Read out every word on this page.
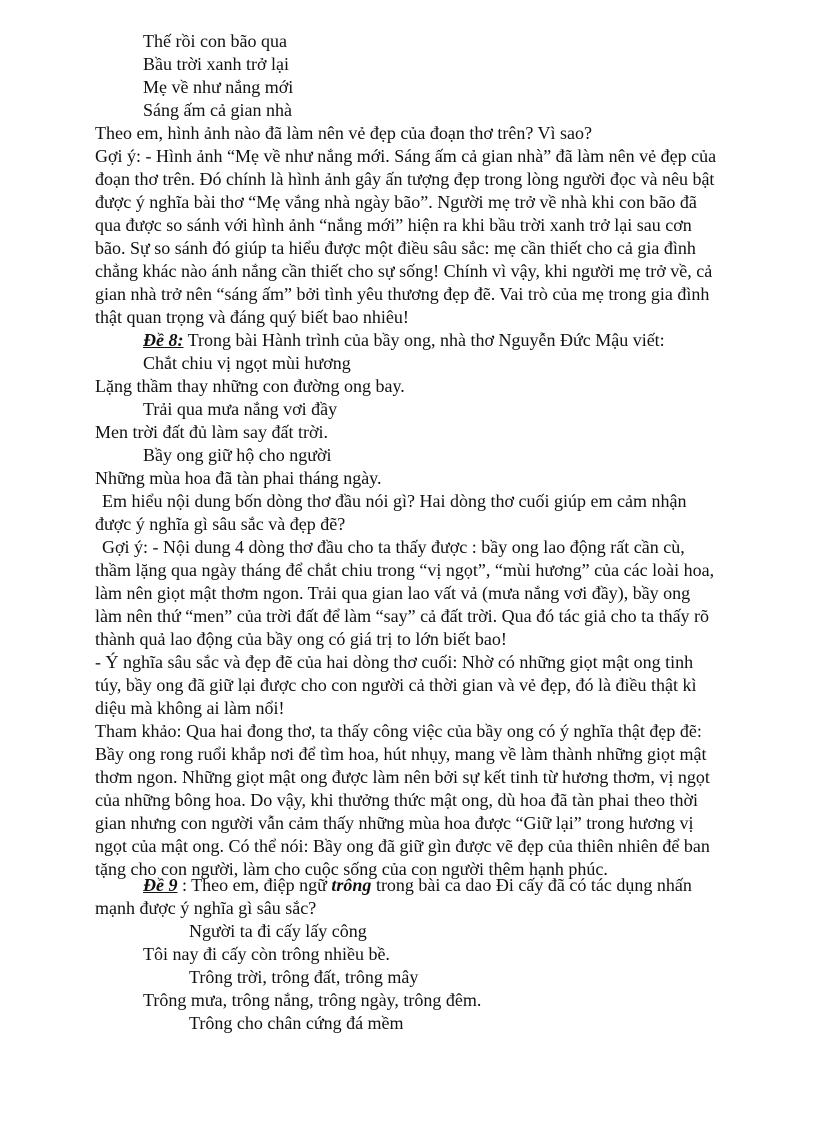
Thế rồi con bão qua
Bầu trời xanh trở lại
Mẹ về như nắng mới
Sáng ấm cả gian nhà
Theo em, hình ảnh nào đã làm nên vẻ đẹp của đoạn thơ trên? Vì sao?
Gợi ý: - Hình ảnh “Mẹ về như nắng mới. Sáng ấm cả gian nhà” đã làm nên vẻ đẹp của
đoạn thơ trên. Đó chính là hình ảnh gây ấn tượng đẹp trong lòng người đọc và nêu bật
được ý nghĩa bài thơ “Mẹ vắng nhà ngày bão”. Người mẹ trở về nhà khi con bão đã
qua được so sánh với hình ảnh “nắng mới” hiện ra khi bầu trời xanh trở lại sau cơn
bão. Sự so sánh đó giúp ta hiểu được một điều sâu sắc: mẹ cần thiết cho cả gia đình
chẳng khác nào ánh nắng cần thiết cho sự sống! Chính vì vậy, khi người mẹ trở về, cả
gian nhà trở nên “sáng ấm” bởi tình yêu thương đẹp đẽ. Vai trò của mẹ trong gia đình
thật quan trọng và đáng quý biết bao nhiêu!
Đề 8: Trong bài Hành trình của bầy ong, nhà thơ Nguyễn Đức Mậu viết:
Chắt chiu vị ngọt mùi hương
Lặng thầm thay những con đường ong bay.
Trải qua mưa nắng vơi đầy
Men trời đất đủ làm say đất trời.
Bầy ong giữ hộ cho người
Những mùa hoa đã tàn phai tháng ngày.
Em hiểu nội dung bốn dòng thơ đầu nói gì? Hai dòng thơ cuối giúp em cảm nhận
được ý nghĩa gì sâu sắc và đẹp đẽ?
Gợi ý: - Nội dung 4 dòng thơ đầu cho ta thấy được : bầy ong lao động rất cần cù,
thầm lặng qua ngày tháng để chắt chiu trong “vị ngọt”, “mùi hương” của các loài hoa,
làm nên giọt mật thơm ngon. Trải qua gian lao vất vả (mưa nắng vơi đầy), bầy ong
làm nên thứ “men” của trời đất để làm “say” cả đất trời. Qua đó tác giả cho ta thấy rõ
thành quả lao động của bầy ong có giá trị to lớn biết bao!
- Ý nghĩa sâu sắc và đẹp đẽ của hai dòng thơ cuối: Nhờ có những giọt mật ong tinh
túy, bầy ong đã giữ lại được cho con người cả thời gian và vẻ đẹp, đó là điều thật kì
diệu mà không ai làm nổi!
Tham khảo: Qua hai đong thơ, ta thấy công việc của bầy ong có ý nghĩa thật đẹp đẽ:
Bầy ong rong ruổi khắp nơi để tìm hoa, hút nhụy, mang về làm thành những giọt mật
thơm ngon. Những giọt mật ong được làm nên bởi sự kết tinh từ hương thơm, vị ngọt
của những bông hoa. Do vậy, khi thưởng thức mật ong, dù hoa đã tàn phai theo thời
gian nhưng con người vẫn cảm thấy những mùa hoa được “Giữ lại” trong hương vị
ngọt của mật ong. Có thể nói: Bầy ong đã giữ gìn được vẽ đẹp của thiên nhiên để ban
tặng cho con người, làm cho cuộc sống của con người thêm hạnh phúc.
Đề 9 : Theo em, điệp ngữ trông trong bài ca dao Đi cấy đã có tác dụng nhấn
mạnh được ý nghĩa gì sâu sắc?
Người ta đi cấy lấy công
Tôi nay đi cấy còn trông nhiều bề.
Trông trời, trông đất, trông mây
Trông mưa, trông nắng, trông ngày, trông đêm.
Trông cho chân cứng đá mềm
